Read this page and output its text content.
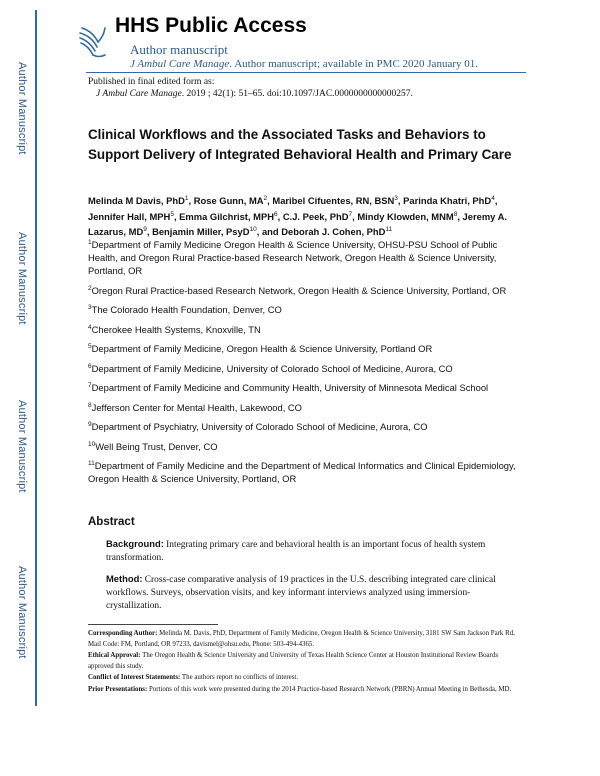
Author Manuscript
Author Manuscript
Author Manuscript
Author Manuscript
HHS Public Access
Author manuscript
J Ambul Care Manage. Author manuscript; available in PMC 2020 January 01.
Published in final edited form as:
J Ambul Care Manage. 2019 ; 42(1): 51–65. doi:10.1097/JAC.0000000000000257.
Clinical Workflows and the Associated Tasks and Behaviors to Support Delivery of Integrated Behavioral Health and Primary Care
Melinda M Davis, PhD$^1$, Rose Gunn, $MA^2$, Maribel Cifuentes, RN, BSN$^3$, Parinda Khatri, PhD$^4$, Jennifer Hall, MPH$^5$, Emma Gilchrist, MPH$^6$, C.J. Peek, PhD$^7$, Mindy Klowden, MNM$^8$, Jeremy A. Lazarus, $MD^9$, Benjamin Miller, PsyD$^{10}$, and Deborah J. Cohen, PhD$^{11}$
$^1$Department of Family Medicine Oregon Health & Science University, OHSU-PSU School of Public Health, and Oregon Rural Practice-based Research Network, Oregon Health & Science University, Portland, OR
$^2$Oregon Rural Practice-based Research Network, Oregon Health & Science University, Portland, OR
$^3$The Colorado Health Foundation, Denver, CO
$^4$Cherokee Health Systems, Knoxville, TN
$^5$Department of Family Medicine, Oregon Health & Science University, Portland OR
$^6$Department of Family Medicine, University of Colorado School of Medicine, Aurora, CO
$^7$Department of Family Medicine and Community Health, University of Minnesota Medical School
$^8$Jefferson Center for Mental Health, Lakewood, CO
$^9$Department of Psychiatry, University of Colorado School of Medicine, Aurora, CO
$^{10}$Well Being Trust, Denver, CO
$^{11}$Department of Family Medicine and the Department of Medical Informatics and Clinical Epidemiology, Oregon Health & Science University, Portland, OR
Abstract
Background: Integrating primary care and behavioral health is an important focus of health system transformation.
Method: Cross-case comparative analysis of 19 practices in the U.S. describing integrated care clinical workflows. Surveys, observation visits, and key informant interviews analyzed using immersion-crystallization.
Corresponding Author: Melinda M. Davis, PhD, Department of Family Medicine, Oregon Health & Science University, 3181 SW Sam Jackson Park Rd, Mail Code: FM, Portland, OR 97233, davismel@ohsu.edu, Phone: 503-494-4365.
Ethical Approval: The Oregon Health & Science University and University of Texas Health Science Center at Houston Institutional Review Boards approved this study.
Conflict of Interest Statements: The authors report no conflicts of interest.
Prior Presentations: Portions of this work were presented during the 2014 Practice-based Research Network (PBRN) Annual Meeting in Bethesda, MD.
